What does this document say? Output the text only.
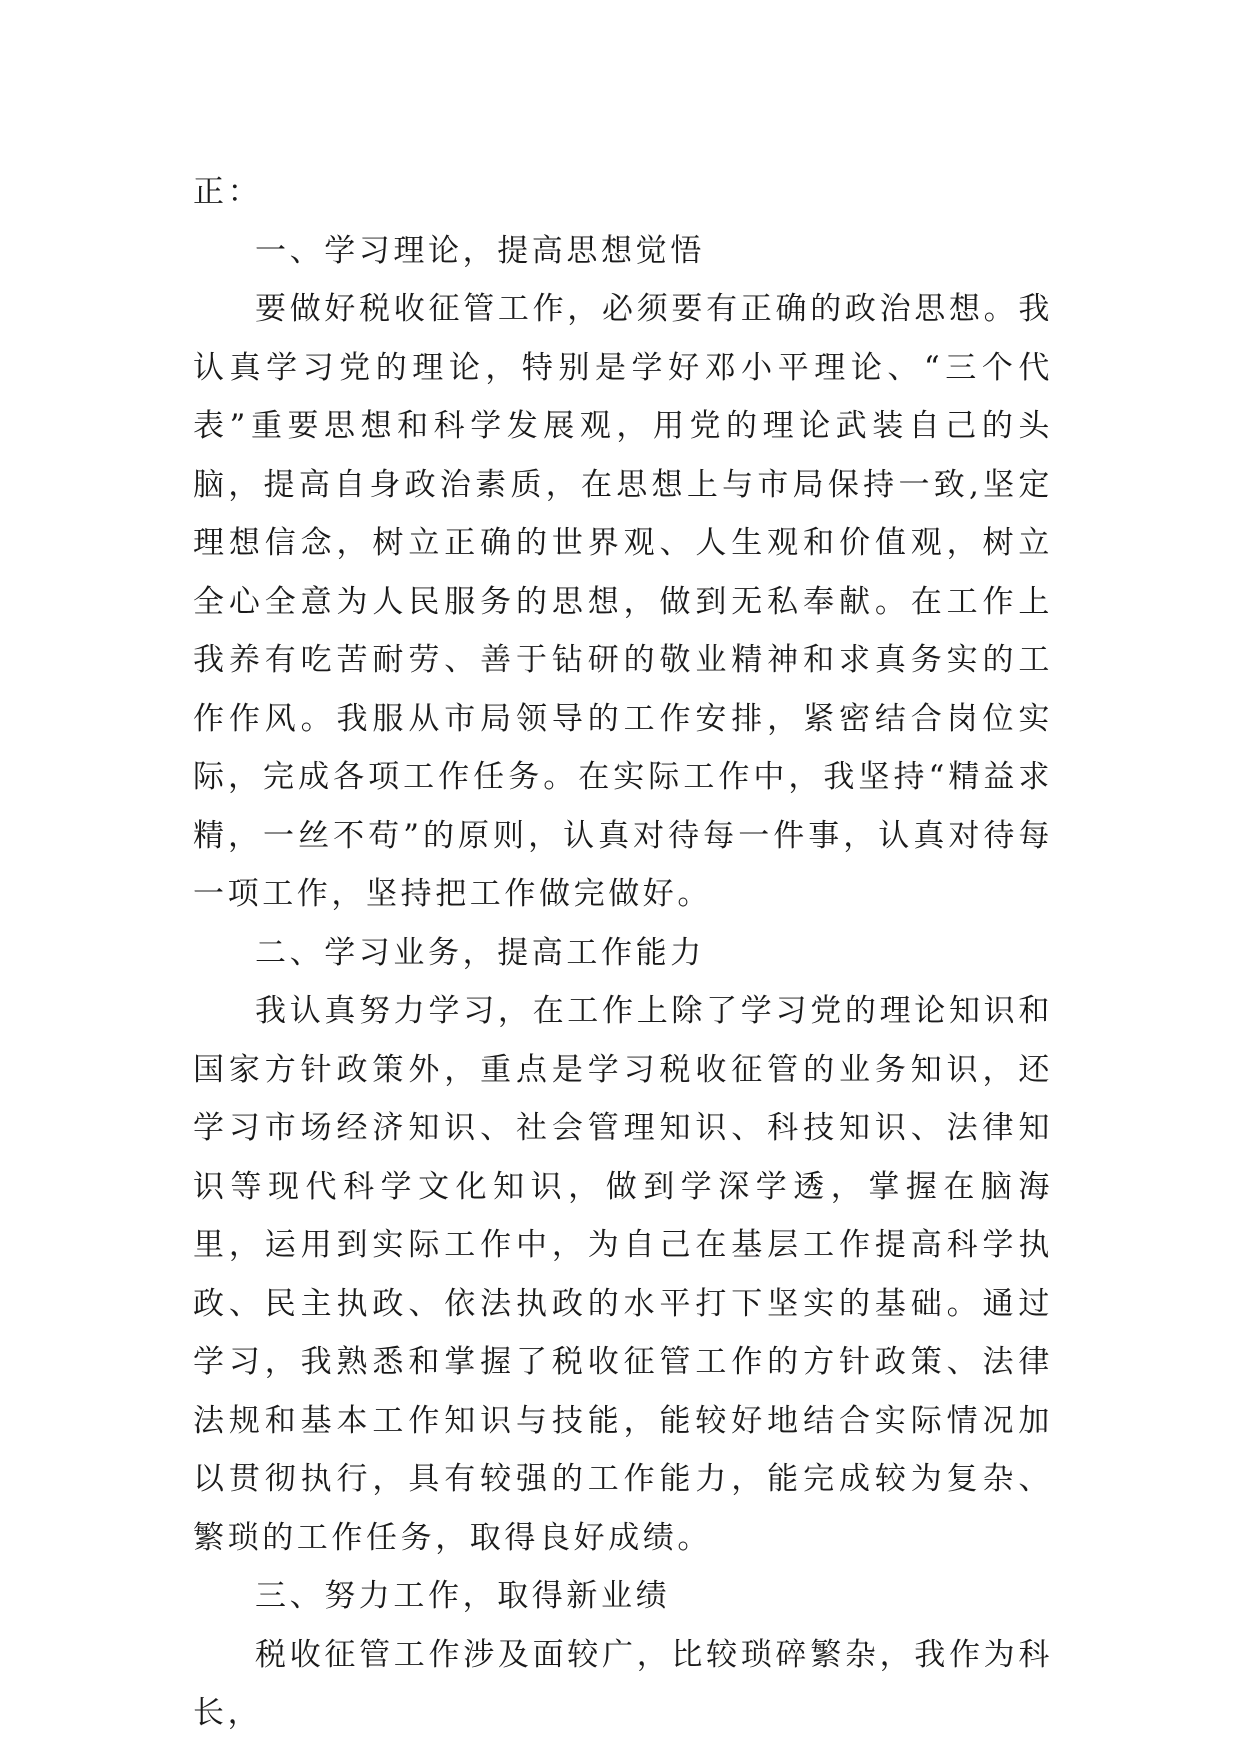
正：

一、学习理论，提高思想觉悟

要做好税收征管工作，必须要有正确的政治思想。我认真学习党的理论，特别是学好邓小平理论、“三个代表”重要思想和科学发展观，用党的理论武装自己的头脑，提高自身政治素质，在思想上与市局保持一致,坚定理想信念，树立正确的世界观、人生观和价值观，树立全心全意为人民服务的思想，做到无私奉献。在工作上我养有吃苦耐劳、善于钻研的敬业精神和求真务实的工作作风。我服从市局领导的工作安排，紧密结合岗位实际，完成各项工作任务。在实际工作中，我坚持“精益求精，一丝不苟”的原则，认真对待每一件事，认真对待每一项工作，坚持把工作做完做好。

二、学习业务，提高工作能力

我认真努力学习，在工作上除了学习党的理论知识和国家方针政策外，重点是学习税收征管的业务知识，还学习市场经济知识、社会管理知识、科技知识、法律知识等现代科学文化知识，做到学深学透，掌握在脑海里，运用到实际工作中，为自己在基层工作提高科学执政、民主执政、依法执政的水平打下坚实的基础。通过学习，我熟悉和掌握了税收征管工作的方针政策、法律法规和基本工作知识与技能，能较好地结合实际情况加以贯彻执行，具有较强的工作能力，能完成较为复杂、繁琐的工作任务，取得良好成绩。

三、努力工作，取得新业绩

税收征管工作涉及面较广，比较琐碎繁杂，我作为科长，
